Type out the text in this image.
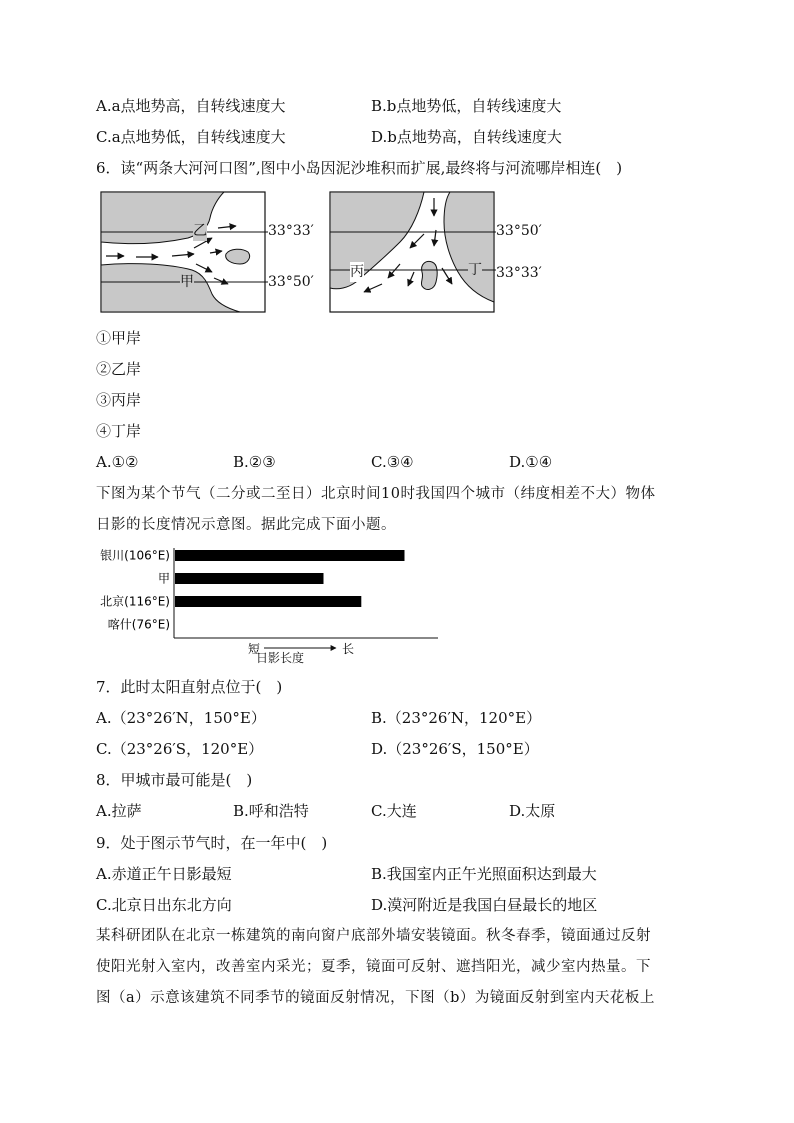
A.a点地势高，自转线速度大	B.b点地势低，自转线速度大
C.a点地势低，自转线速度大	D.b点地势高，自转线速度大
6．读“两条大河河口图”,图中小岛因泥沙堆积而扩展,最终将与河流哪岸相连(　)
乙
甲
33°33′
33°50′
丙	丁
33°50′
33°33′
①甲岸
②乙岸
③丙岸
④丁岸
A.①②	B.②③	C.③④	D.①④
下图为某个节气（二分或二至日）北京时间10时我国四个城市（纬度相差不大）物体
日影的长度情况示意图。据此完成下面小题。
银川(106°E)
甲
北京(116°E)
喀什(76°E)
短	长
日影长度
7．此时太阳直射点位于(　)
A.（23°26′N，150°E）	B.（23°26′N，120°E）
C.（23°26′S，120°E）	D.（23°26′S，150°E）
8．甲城市最可能是(　)
A.拉萨	B.呼和浩特	C.大连	D.太原
9．处于图示节气时，在一年中(　)
A.赤道正午日影最短	B.我国室内正午光照面积达到最大
C.北京日出东北方向	D.漠河附近是我国白昼最长的地区
某科研团队在北京一栋建筑的南向窗户底部外墙安装镜面。秋冬春季，镜面通过反射
使阳光射入室内，改善室内采光；夏季，镜面可反射、遮挡阳光，减少室内热量。下
图（a）示意该建筑不同季节的镜面反射情况，下图（b）为镜面反射到室内天花板上
